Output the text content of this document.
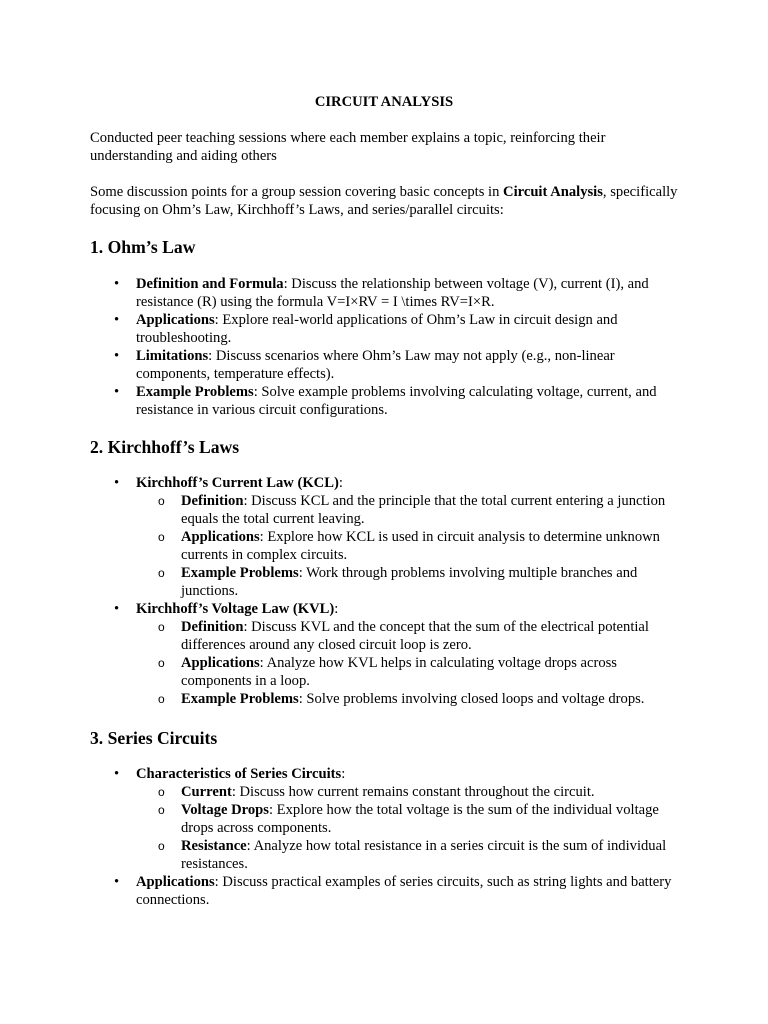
CIRCUIT ANALYSIS

Conducted peer teaching sessions where each member explains a topic, reinforcing their understanding and aiding others

Some discussion points for a group session covering basic concepts in Circuit Analysis, specifically focusing on Ohm’s Law, Kirchhoff’s Laws, and series/parallel circuits:

1. Ohm’s Law
• Definition and Formula: Discuss the relationship between voltage (V), current (I), and resistance (R) using the formula V=I×RV = I \times RV=I×R.
• Applications: Explore real-world applications of Ohm’s Law in circuit design and troubleshooting.
• Limitations: Discuss scenarios where Ohm’s Law may not apply (e.g., non-linear components, temperature effects).
• Example Problems: Solve example problems involving calculating voltage, current, and resistance in various circuit configurations.
2. Kirchhoff’s Laws
• Kirchhoff’s Current Law (KCL):
o Definition: Discuss KCL and the principle that the total current entering a junction equals the total current leaving.
o Applications: Explore how KCL is used in circuit analysis to determine unknown currents in complex circuits.
o Example Problems: Work through problems involving multiple branches and junctions.
• Kirchhoff’s Voltage Law (KVL):
o Definition: Discuss KVL and the concept that the sum of the electrical potential differences around any closed circuit loop is zero.
o Applications: Analyze how KVL helps in calculating voltage drops across components in a loop.
o Example Problems: Solve problems involving closed loops and voltage drops.
3. Series Circuits
• Characteristics of Series Circuits:
o Current: Discuss how current remains constant throughout the circuit.
o Voltage Drops: Explore how the total voltage is the sum of the individual voltage drops across components.
o Resistance: Analyze how total resistance in a series circuit is the sum of individual resistances.
• Applications: Discuss practical examples of series circuits, such as string lights and battery connections.
